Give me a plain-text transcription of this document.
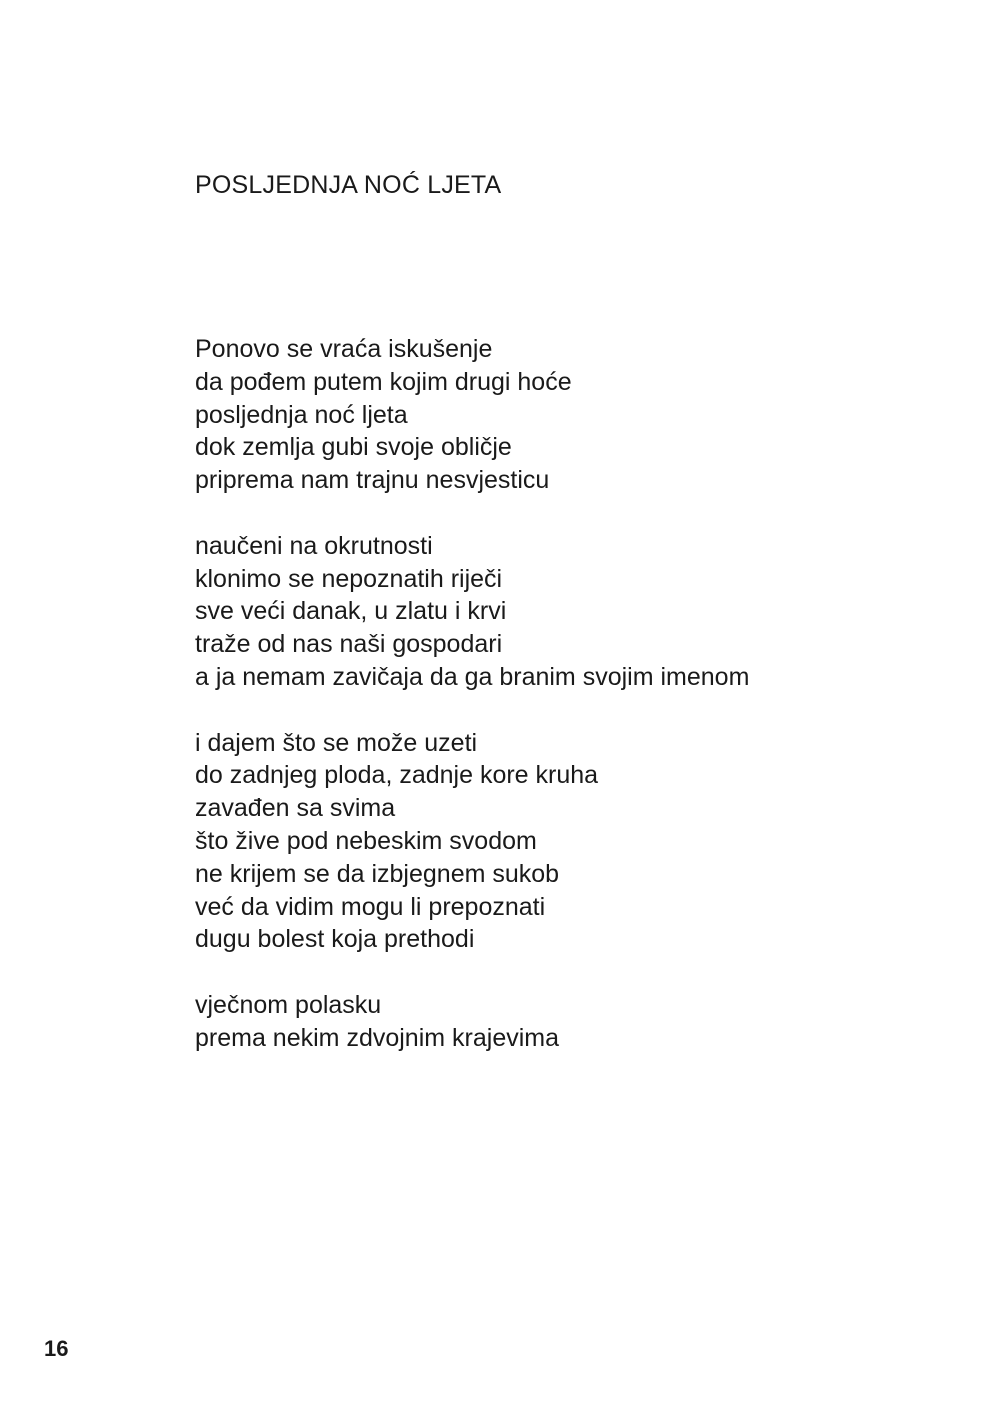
POSLJEDNJA NOĆ LJETA
Ponovo se vraća iskušenje
da pođem putem kojim drugi hoće
posljednja noć ljeta
dok zemlja gubi svoje obličje
priprema nam trajnu nesvjesticu
naučeni na okrutnosti
klonimo se nepoznatih riječi
sve veći danak, u zlatu i krvi
traže od nas naši gospodari
a ja nemam zavičaja da ga branim svojim imenom
i dajem što se može uzeti
do zadnjeg ploda, zadnje kore kruha
zavađen sa svima
što žive pod nebeskim svodom
ne krijem se da izbjegnem sukob
već da vidim mogu li prepoznati
dugu bolest koja prethodi
vječnom polasku
prema nekim zdvojnim krajevima
16
